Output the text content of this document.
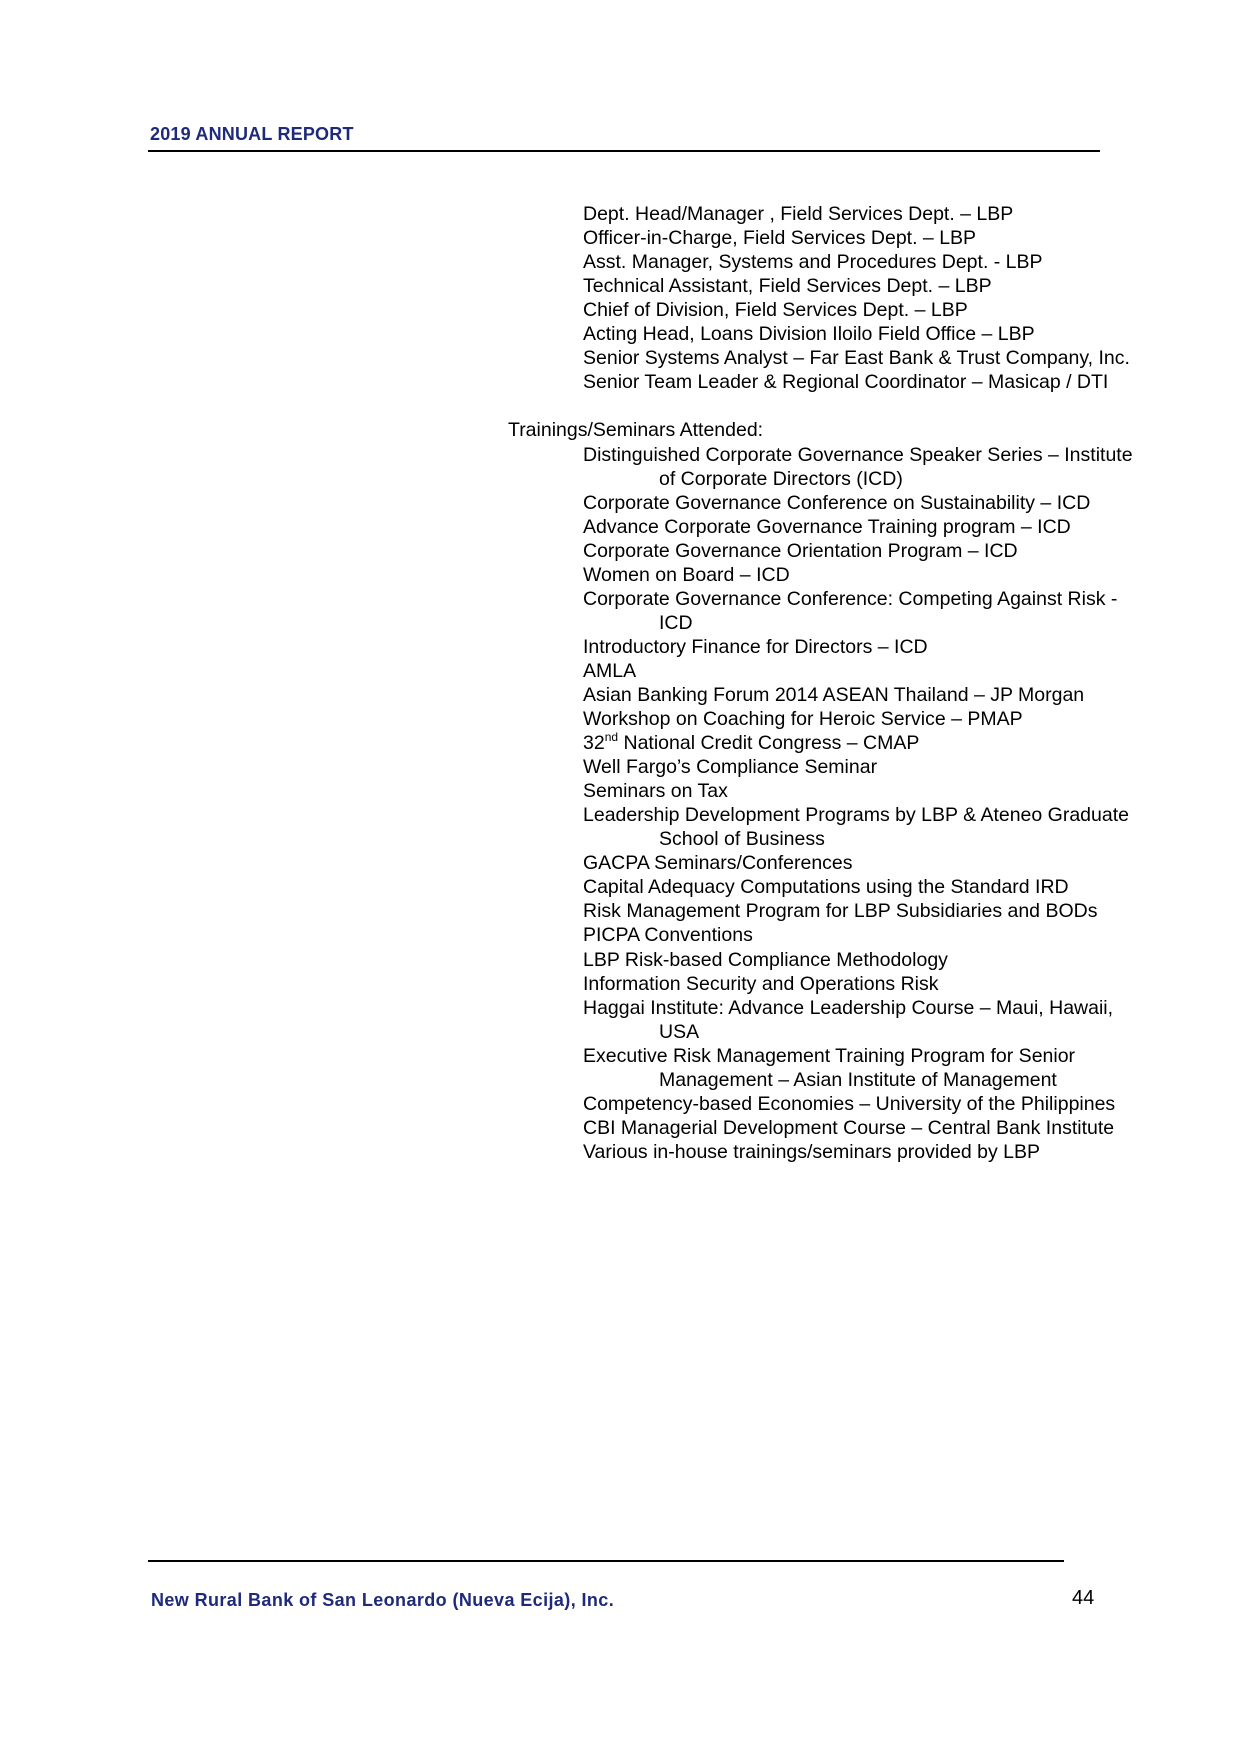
2019 ANNUAL REPORT
Dept. Head/Manager , Field Services Dept. – LBP
Officer-in-Charge, Field Services Dept. – LBP
Asst. Manager, Systems and Procedures Dept. - LBP
Technical Assistant, Field Services Dept. – LBP
Chief of Division, Field Services Dept. – LBP
Acting Head, Loans Division Iloilo Field Office – LBP
Senior Systems Analyst – Far East Bank & Trust Company, Inc.
Senior Team Leader & Regional Coordinator – Masicap / DTI
Trainings/Seminars Attended:
Distinguished Corporate Governance Speaker Series – Institute
of Corporate Directors (ICD)
Corporate Governance Conference on Sustainability – ICD
Advance Corporate Governance Training program – ICD
Corporate Governance Orientation Program – ICD
Women on Board – ICD
Corporate Governance Conference: Competing Against Risk -
ICD
Introductory Finance for Directors – ICD
AMLA
Asian Banking Forum 2014 ASEAN Thailand – JP Morgan
Workshop on Coaching for Heroic Service – PMAP
32nd National Credit Congress – CMAP
Well Fargo’s Compliance Seminar
Seminars on Tax
Leadership Development Programs by LBP & Ateneo Graduate
School of Business
GACPA Seminars/Conferences
Capital Adequacy Computations using the Standard IRD
Risk Management Program for LBP Subsidiaries and BODs
PICPA Conventions
LBP Risk-based Compliance Methodology
Information Security and Operations Risk
Haggai Institute: Advance Leadership Course – Maui, Hawaii,
USA
Executive Risk Management Training Program for Senior
Management – Asian Institute of Management
Competency-based Economies – University of the Philippines
CBI Managerial Development Course – Central Bank Institute
Various in-house trainings/seminars provided by LBP
New Rural Bank of San Leonardo (Nueva Ecija), Inc.	44
